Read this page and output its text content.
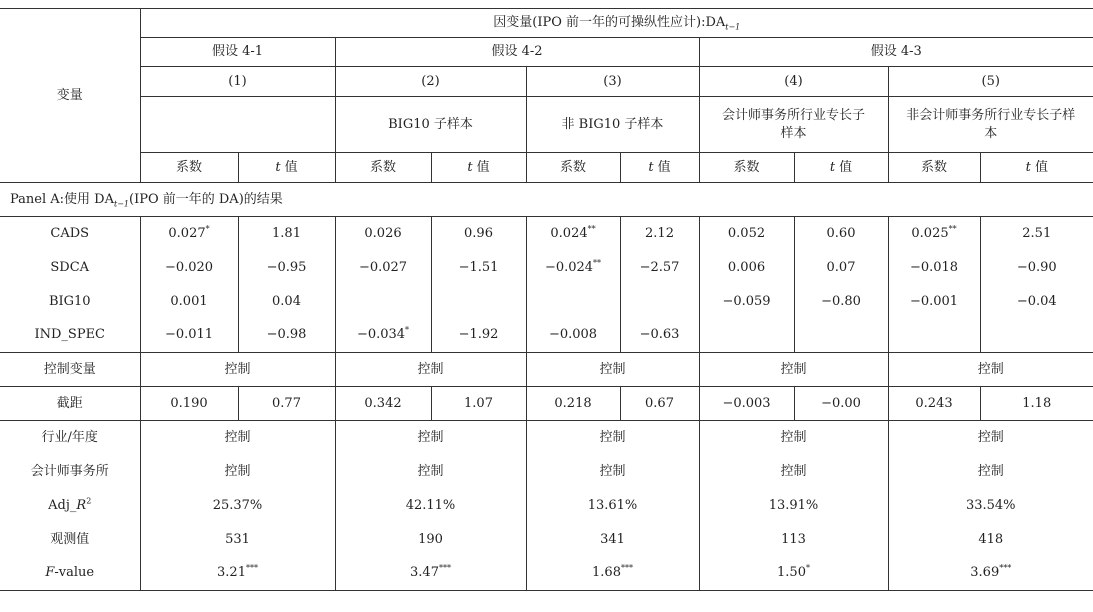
变量	因变量(IPO 前一年的可操纵性应计)$:DA_{t-1}$
	假设 4-1		假设 4-2				假设 4-3			
	(1)		(2)		(3)		(4)		(5)	
			BIG10 子样本		非 BIG10 子样本		会计师事务所行业专长子样本		非会计师事务所行业专长子样本	
	系数	t 值	系数	t 值	系数	t 值	系数	t 值	系数	t 值
Panel A:使用 $DA_{t-1}(IPO$ 前一年的 DA)的结果										
CADS	0.027*	1.81	0.026	0.96	0.024**	2.12	0.052	0.60	0.025**	2.51
SDCA	−0.020	−0.95	−0.027	−1.51	−0.024**	−2.57	0.006	0.07	−0.018	−0.90
BIG10	0.001	0.04					−0.059	−0.80	−0.001	−0.04
IND_SPEC	−0.011	−0.98	−0.034*	−1.92	−0.008	−0.63				
控制变量	控制		控制		控制		控制		控制	
截距	0.190	0.77	0.342	1.07	0.218	0.67	−0.003	−0.00	0.243	1.18
行业/年度	控制		控制		控制		控制		控制	
会计师事务所	控制		控制		控制		控制		控制	
$Adj\_R^2$	25.37%		42.11%		13.61%		13.91%		33.54%	
观测值	531		190		341		113		418	
F-value	3.21***		3.47***		1.68***		1.50*		3.69***
